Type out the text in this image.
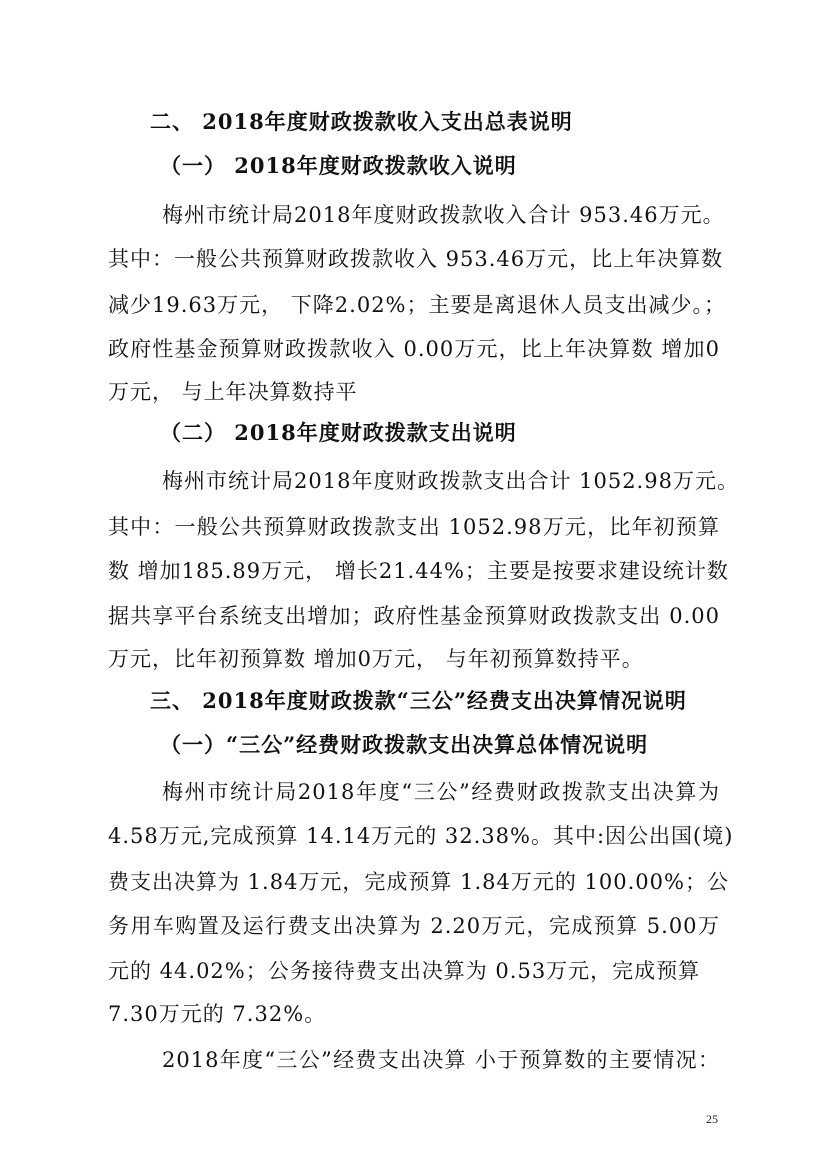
二、 2018年度财政拨款收入支出总表说明
（一） 2018年度财政拨款收入说明
梅州市统计局2018年度财政拨款收入合计 953.46万元。
其中：一般公共预算财政拨款收入 953.46万元，比上年决算数
减少19.63万元， 下降2.02%；主要是离退休人员支出减少。；
政府性基金预算财政拨款收入 0.00万元，比上年决算数 增加0
万元， 与上年决算数持平
（二） 2018年度财政拨款支出说明
梅州市统计局2018年度财政拨款支出合计 1052.98万元。
其中：一般公共预算财政拨款支出 1052.98万元，比年初预算
数 增加185.89万元， 增长21.44%；主要是按要求建设统计数
据共享平台系统支出增加；政府性基金预算财政拨款支出 0.00
万元，比年初预算数 增加0万元， 与年初预算数持平。
三、 2018年度财政拨款“三公”经费支出决算情况说明
（一）“三公”经费财政拨款支出决算总体情况说明
梅州市统计局2018年度“三公”经费财政拨款支出决算为
4.58万元,完成预算 14.14万元的 32.38%。其中:因公出国(境)
费支出决算为 1.84万元，完成预算 1.84万元的 100.00%；公
务用车购置及运行费支出决算为 2.20万元，完成预算 5.00万
元的 44.02%；公务接待费支出决算为 0.53万元，完成预算
7.30万元的 7.32%。
2018年度“三公”经费支出决算 小于预算数的主要情况：
25
